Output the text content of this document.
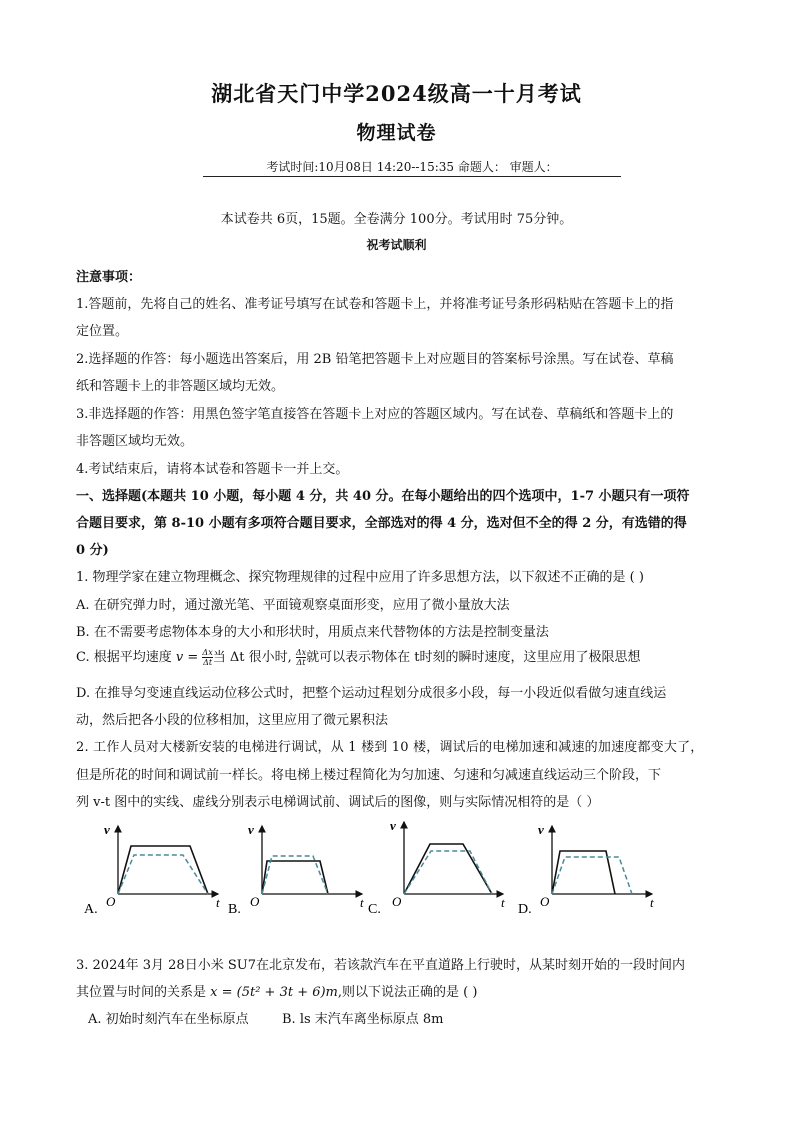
湖北省天门中学2024级高一十月考试
物理试卷
考试时间:10月08日 14:20--15:35 命题人： 审题人：
本试卷共 6页，15题。全卷满分 100分。考试用时 75分钟。
祝考试顺利
注意事项：
1.答题前，先将自己的姓名、准考证号填写在试卷和答题卡上，并将准考证号条形码粘贴在答题卡上的指
定位置。
2.选择题的作答：每小题选出答案后，用 2B 铅笔把答题卡上对应题目的答案标号涂黑。写在试卷、草稿
纸和答题卡上的非答题区域均无效。
3.非选择题的作答：用黑色签字笔直接答在答题卡上对应的答题区域内。写在试卷、草稿纸和答题卡上的
非答题区域均无效。
4.考试结束后，请将本试卷和答题卡一并上交。
一、选择题(本题共 10 小题，每小题 4 分，共 40 分。在每小题给出的四个选项中，1-7 小题只有一项符
合题目要求，第 8-10 小题有多项符合题目要求，全部选对的得 4 分，选对但不全的得 2 分，有选错的得
0 分)
1. 物理学家在建立物理概念、探究物理规律的过程中应用了许多思想方法，以下叙述不正确的是 ( )
A. 在研究弹力时，通过激光笔、平面镜观察桌面形变，应用了微小量放大法
B. 在不需要考虑物体本身的大小和形状时，用质点来代替物体的方法是控制变量法
C. 根据平均速度 $v = \frac{\Delta x}{\Delta t}$ 当 Δt 很小时, $\frac{\Delta x}{\Delta t}$ 就可以表示物体在 t时刻的瞬时速度，这里应用了极限思想
D. 在推导匀变速直线运动位移公式时，把整个运动过程划分成很多小段，每一小段近似看做匀速直线运
动，然后把各小段的位移相加，这里应用了微元累积法
2. 工作人员对大楼新安装的电梯进行调试，从 1 楼到 10 楼，调试后的电梯加速和减速的加速度都变大了，
但是所花的时间和调试前一样长。将电梯上楼过程简化为匀加速、匀速和匀减速直线运动三个阶段，下
列 v-t 图中的实线、虚线分别表示电梯调试前、调试后的图像，则与实际情况相符的是（ ）
v
t
O
A.
v
t
O
B.
v
t
O
C.
v
t
O
D.
3. 2024年 3月 28日小米 SU7在北京发布，若该款汽车在平直道路上行驶时，从某时刻开始的一段时间内
其位置与时间的关系是 x = (5t² + 3t + 6)m,则以下说法正确的是 ( )
A. 初始时刻汽车在坐标原点	B. ls 末汽车离坐标原点 8m
